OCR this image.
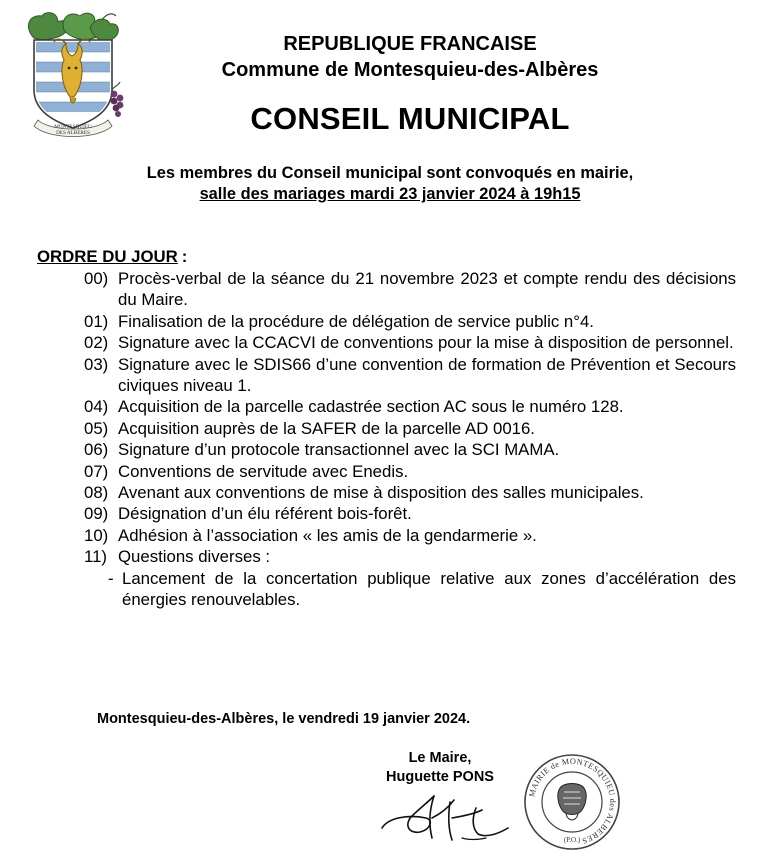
MONTESQUIEU
DES ALBERES
REPUBLIQUE FRANCAISE
Commune de Montesquieu-des-Albères
CONSEIL MUNICIPAL
Les membres du Conseil municipal sont convoqués en mairie,
salle des mariages mardi 23 janvier 2024 à 19h15
ORDRE DU JOUR :
00) Procès-verbal de la séance du 21 novembre 2023 et compte rendu des décisions du Maire.
01) Finalisation de la procédure de délégation de service public n°4.
02) Signature avec la CCACVI de conventions pour la mise à disposition de personnel.
03) Signature avec le SDIS66 d’une convention de formation de Prévention et Secours civiques niveau 1.
04) Acquisition de la parcelle cadastrée section AC sous le numéro 128.
05) Acquisition auprès de la SAFER de la parcelle AD 0016.
06) Signature d’un protocole transactionnel avec la SCI MAMA.
07) Conventions de servitude avec Enedis.
08) Avenant aux conventions de mise à disposition des salles municipales.
09) Désignation d’un élu référent bois-forêt.
10) Adhésion à l’association « les amis de la gendarmerie ».
11) Questions diverses :
- Lancement de la concertation publique relative aux zones d’accélération des énergies renouvelables.
Montesquieu-des-Albères, le vendredi 19 janvier 2024.
Le Maire,
Huguette PONS
MAIRIE de MONTESQUIEU des ALBERES
(P.O.)
